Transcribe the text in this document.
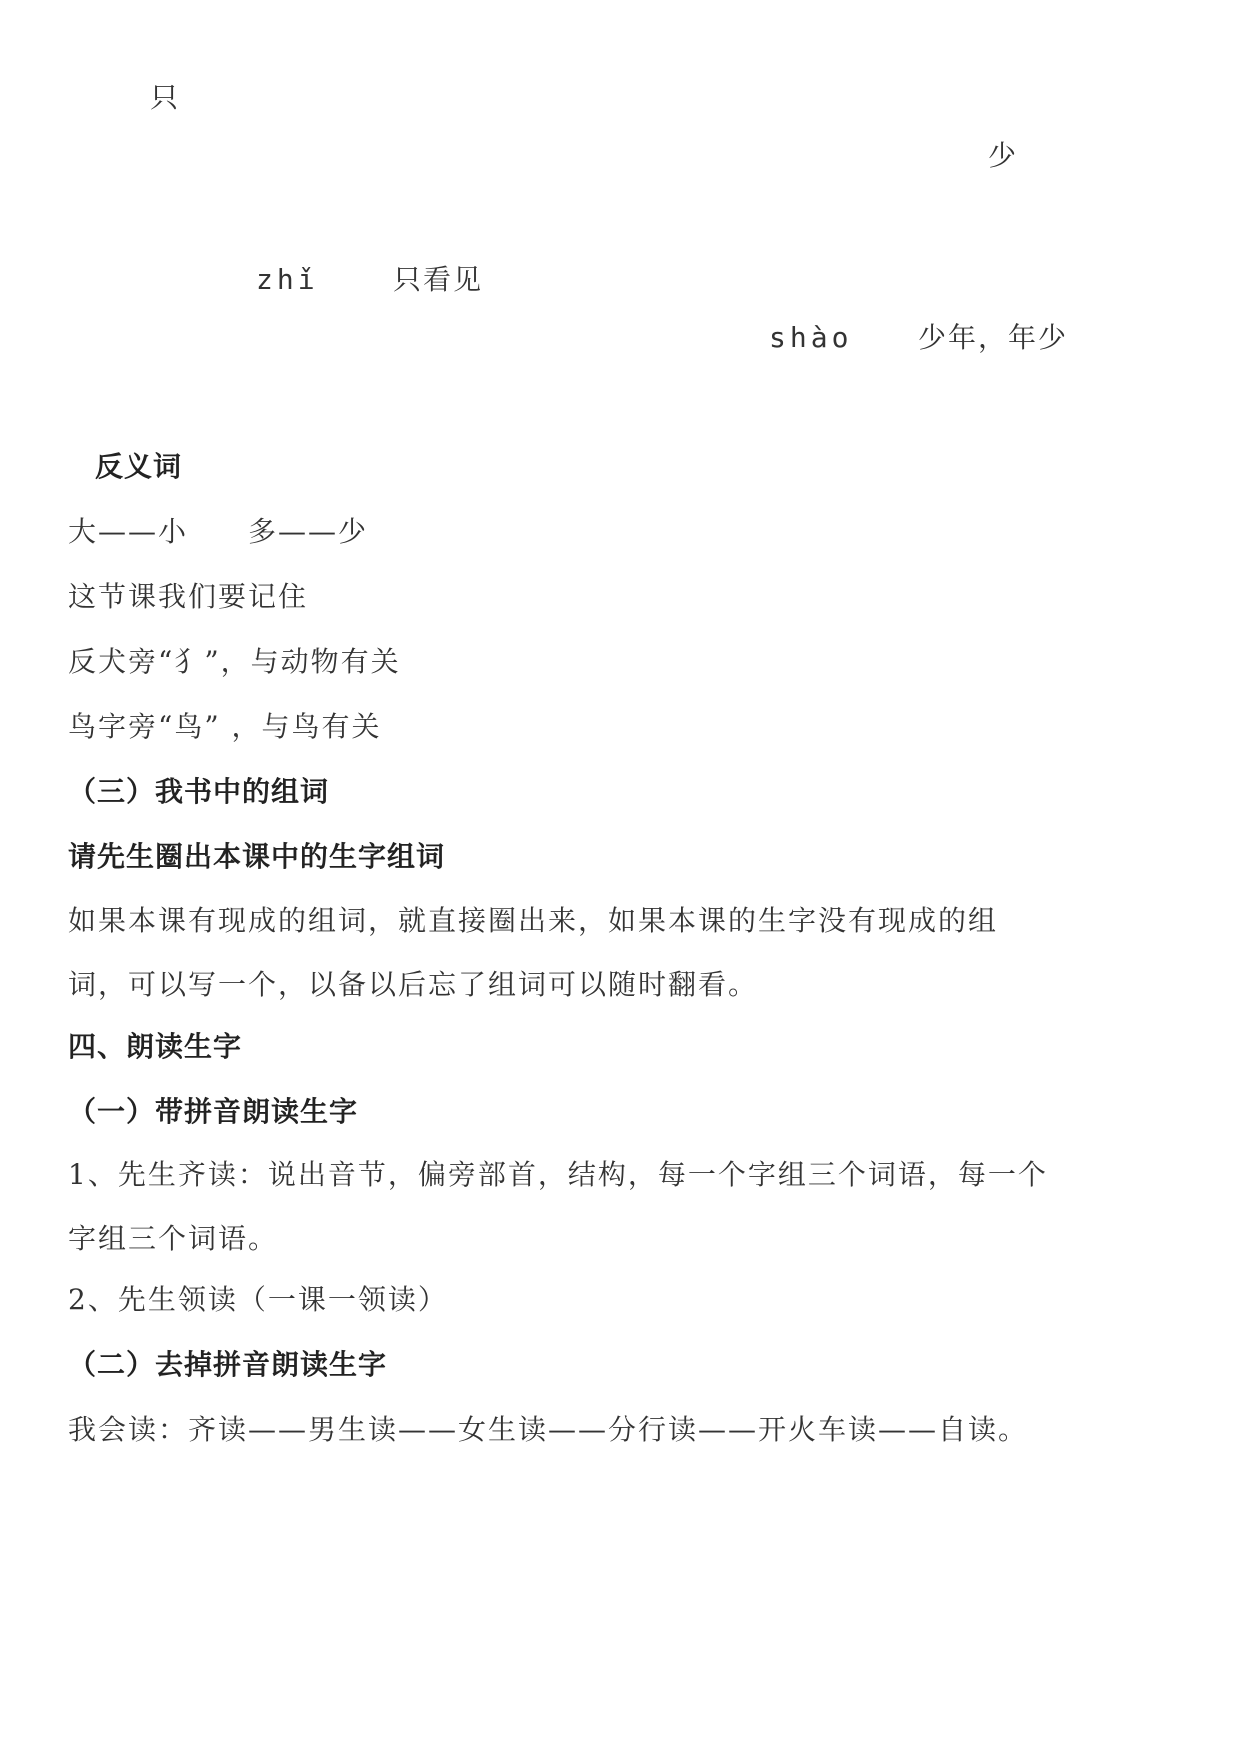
只
少
zhǐ	只看见
shào 少年，年少
反义词
大——小　　多——少
这节课我们要记住
反犬旁“犭”，与动物有关
鸟字旁“鸟” ，与鸟有关
（三）我书中的组词
请先生圈出本课中的生字组词
如果本课有现成的组词，就直接圈出来，如果本课的生字没有现成的组词，可以写一个，以备以后忘了组词可以随时翻看。
四、朗读生字
（一）带拼音朗读生字
1、先生齐读：说出音节，偏旁部首，结构，每一个字组三个词语，每一个字组三个词语。
2、先生领读（一课一领读）
（二）去掉拼音朗读生字
我会读：齐读——男生读——女生读——分行读——开火车读——自读。
